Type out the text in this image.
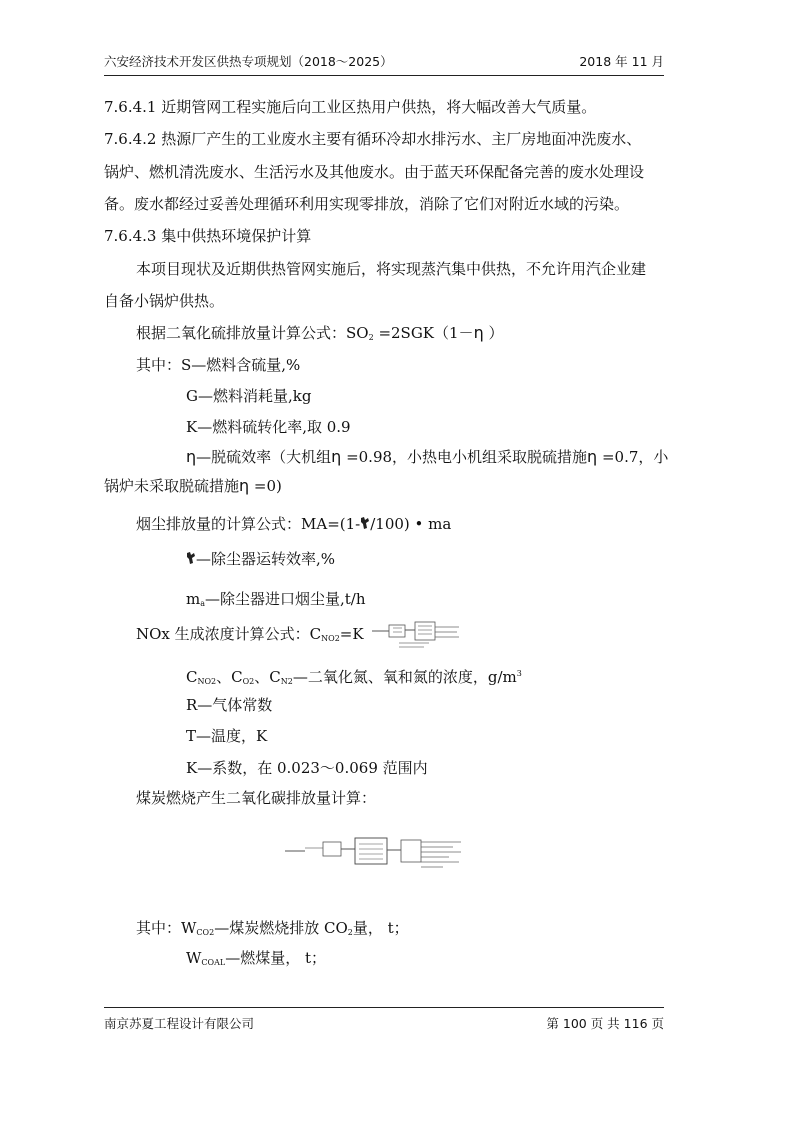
六安经济技术开发区供热专项规划（2018～2025）	2018 年 11 月
7.6.4.1 近期管网工程实施后向工业区热用户供热，将大幅改善大气质量。
7.6.4.2 热源厂产生的工业废水主要有循环冷却水排污水、主厂房地面冲洗废水、
锅炉、燃机清洗废水、生活污水及其他废水。由于蓝天环保配备完善的废水处理设
备。废水都经过妥善处理循环利用实现零排放，消除了它们对附近水域的污染。
7.6.4.3 集中供热环境保护计算
本项目现状及近期供热管网实施后，将实现蒸汽集中供热，不允许用汽企业建
自备小锅炉供热。
根据二氧化硫排放量计算公式：$SO_2 =2SGK(1-\eta$ ）
其中：S—燃料含硫量,%
G—燃料消耗量,kg
K—燃料硫转化率,取 0.9
η—脱硫效率（大机组η =0.98，小热电小机组采取脱硫措施η =0.7，小
锅炉未采取脱硫措施η =0)
烟尘排放量的计算公式：MA=(1- /100) • ma
—除尘器运转效率,%
$m_a—$除尘器进口烟尘量,t/h
NOx 生成浓度计算公式：$C_{NO2}=K$
$C_{NO2}$、$C_{O2}$、$C_{N2}—$二氧化氮、氧和氮的浓度，$g/m^3$
R—气体常数
T—温度，K
K—系数，在 0.023～0.069 范围内
煤炭燃烧产生二氧化碳排放量计算：
其中：$W_{CO2}—$煤炭燃烧排放 $CO_2$量， t；
$W_{COAL}—$燃煤量， t；
南京苏夏工程设计有限公司	第 100 页 共 116 页
